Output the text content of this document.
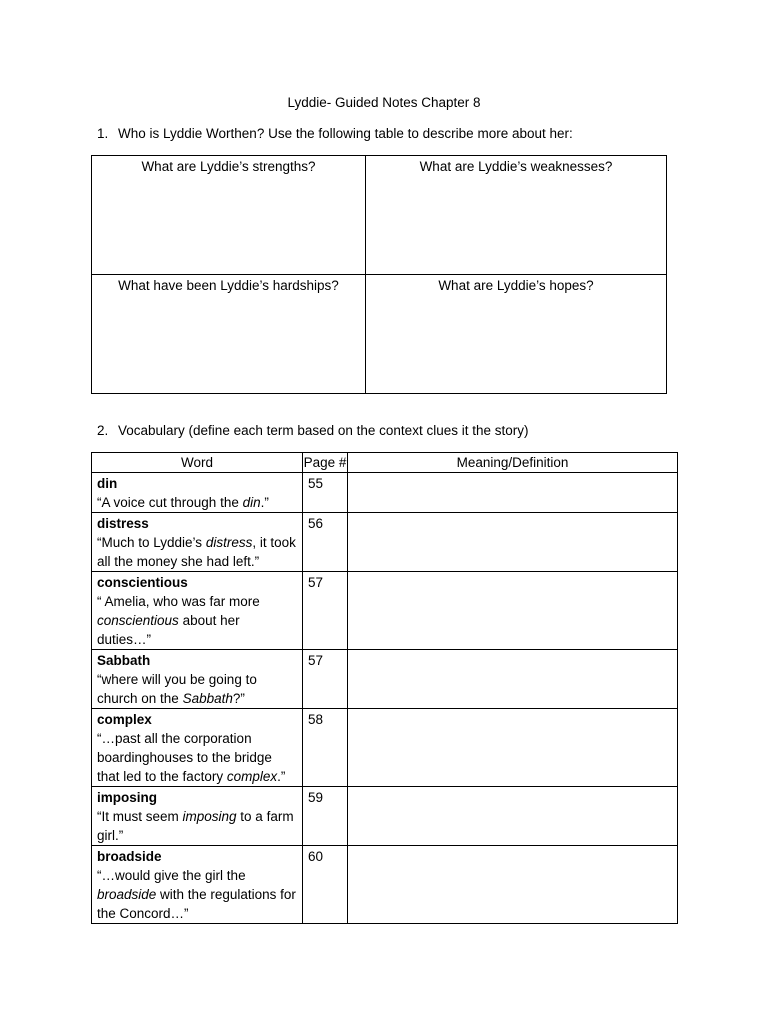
Lyddie- Guided Notes Chapter 8
1. Who is Lyddie Worthen? Use the following table to describe more about her:
What are Lyddie’s strengths?	What are Lyddie’s weaknesses?
What have been Lyddie’s hardships?	What are Lyddie’s hopes?
2. Vocabulary (define each term based on the context clues it the story)
Word	Page #	Meaning/Definition

din
“A voice cut through the din.”	55	

distress
“Much to Lyddie’s distress, it took all the money she had left.”	56	

conscientious
“ Amelia, who was far more conscientious about her duties…”	57	

Sabbath
“where will you be going to church on the Sabbath?”	57	

complex
“…past all the corporation boardinghouses to the bridge that led to the factory complex.”	58	

imposing
“It must seem imposing to a farm girl.”	59	

broadside
“…would give the girl the broadside with the regulations for the Concord…”	60	
